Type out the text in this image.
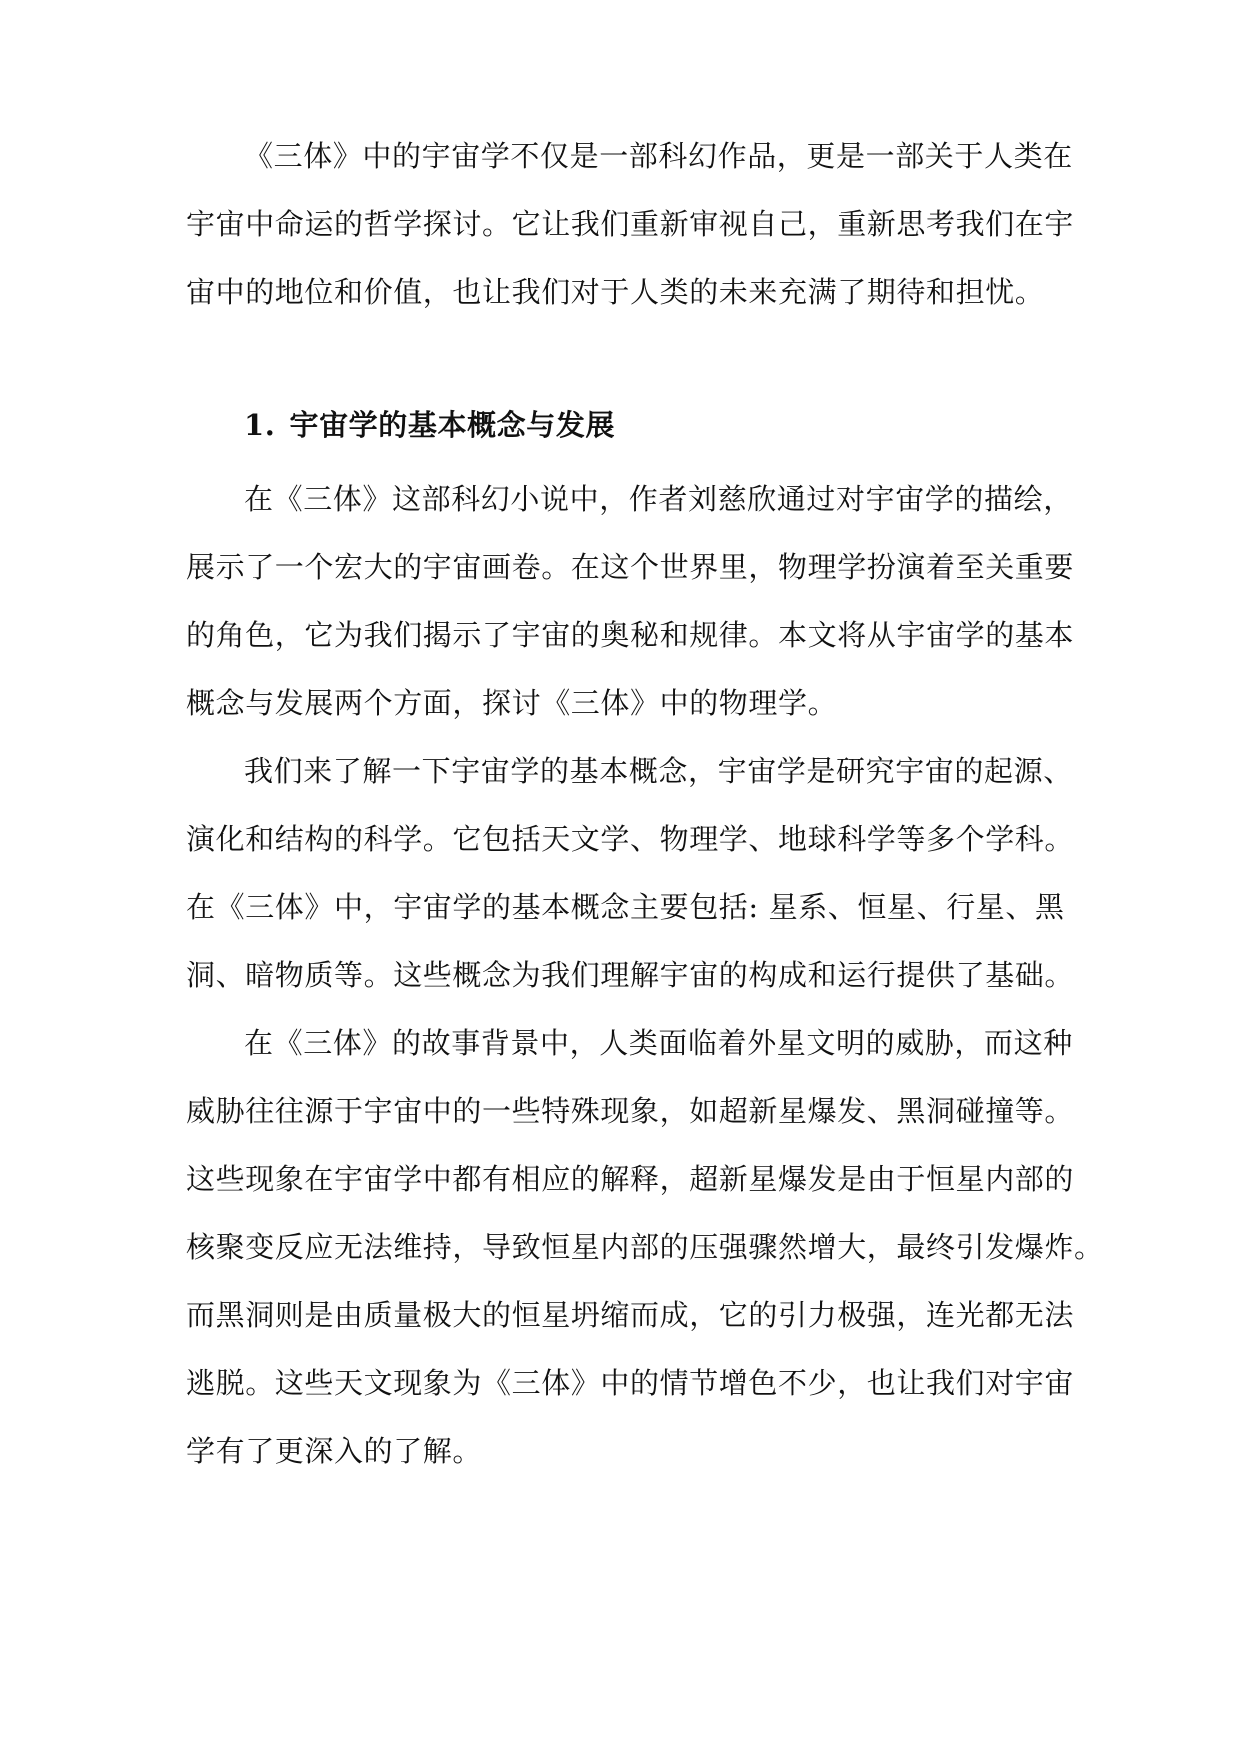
《三体》中的宇宙学不仅是一部科幻作品，更是一部关于人类在

宇宙中命运的哲学探讨。它让我们重新审视自己，重新思考我们在宇

宙中的地位和价值，也让我们对于人类的未来充满了期待和担忧。

1. 宇宙学的基本概念与发展

在《三体》这部科幻小说中，作者刘慈欣通过对宇宙学的描绘，

展示了一个宏大的宇宙画卷。在这个世界里，物理学扮演着至关重要

的角色，它为我们揭示了宇宙的奥秘和规律。本文将从宇宙学的基本

概念与发展两个方面，探讨《三体》中的物理学。

我们来了解一下宇宙学的基本概念，宇宙学是研究宇宙的起源、

演化和结构的科学。它包括天文学、物理学、地球科学等多个学科。

在《三体》中，宇宙学的基本概念主要包括: 星系、恒星、行星、黑

洞、暗物质等。这些概念为我们理解宇宙的构成和运行提供了基础。

在《三体》的故事背景中，人类面临着外星文明的威胁，而这种

威胁往往源于宇宙中的一些特殊现象，如超新星爆发、黑洞碰撞等。

这些现象在宇宙学中都有相应的解释，超新星爆发是由于恒星内部的

核聚变反应无法维持，导致恒星内部的压强骤然增大，最终引发爆炸。

而黑洞则是由质量极大的恒星坍缩而成，它的引力极强，连光都无法

逃脱。这些天文现象为《三体》中的情节增色不少，也让我们对宇宙

学有了更深入的了解。
